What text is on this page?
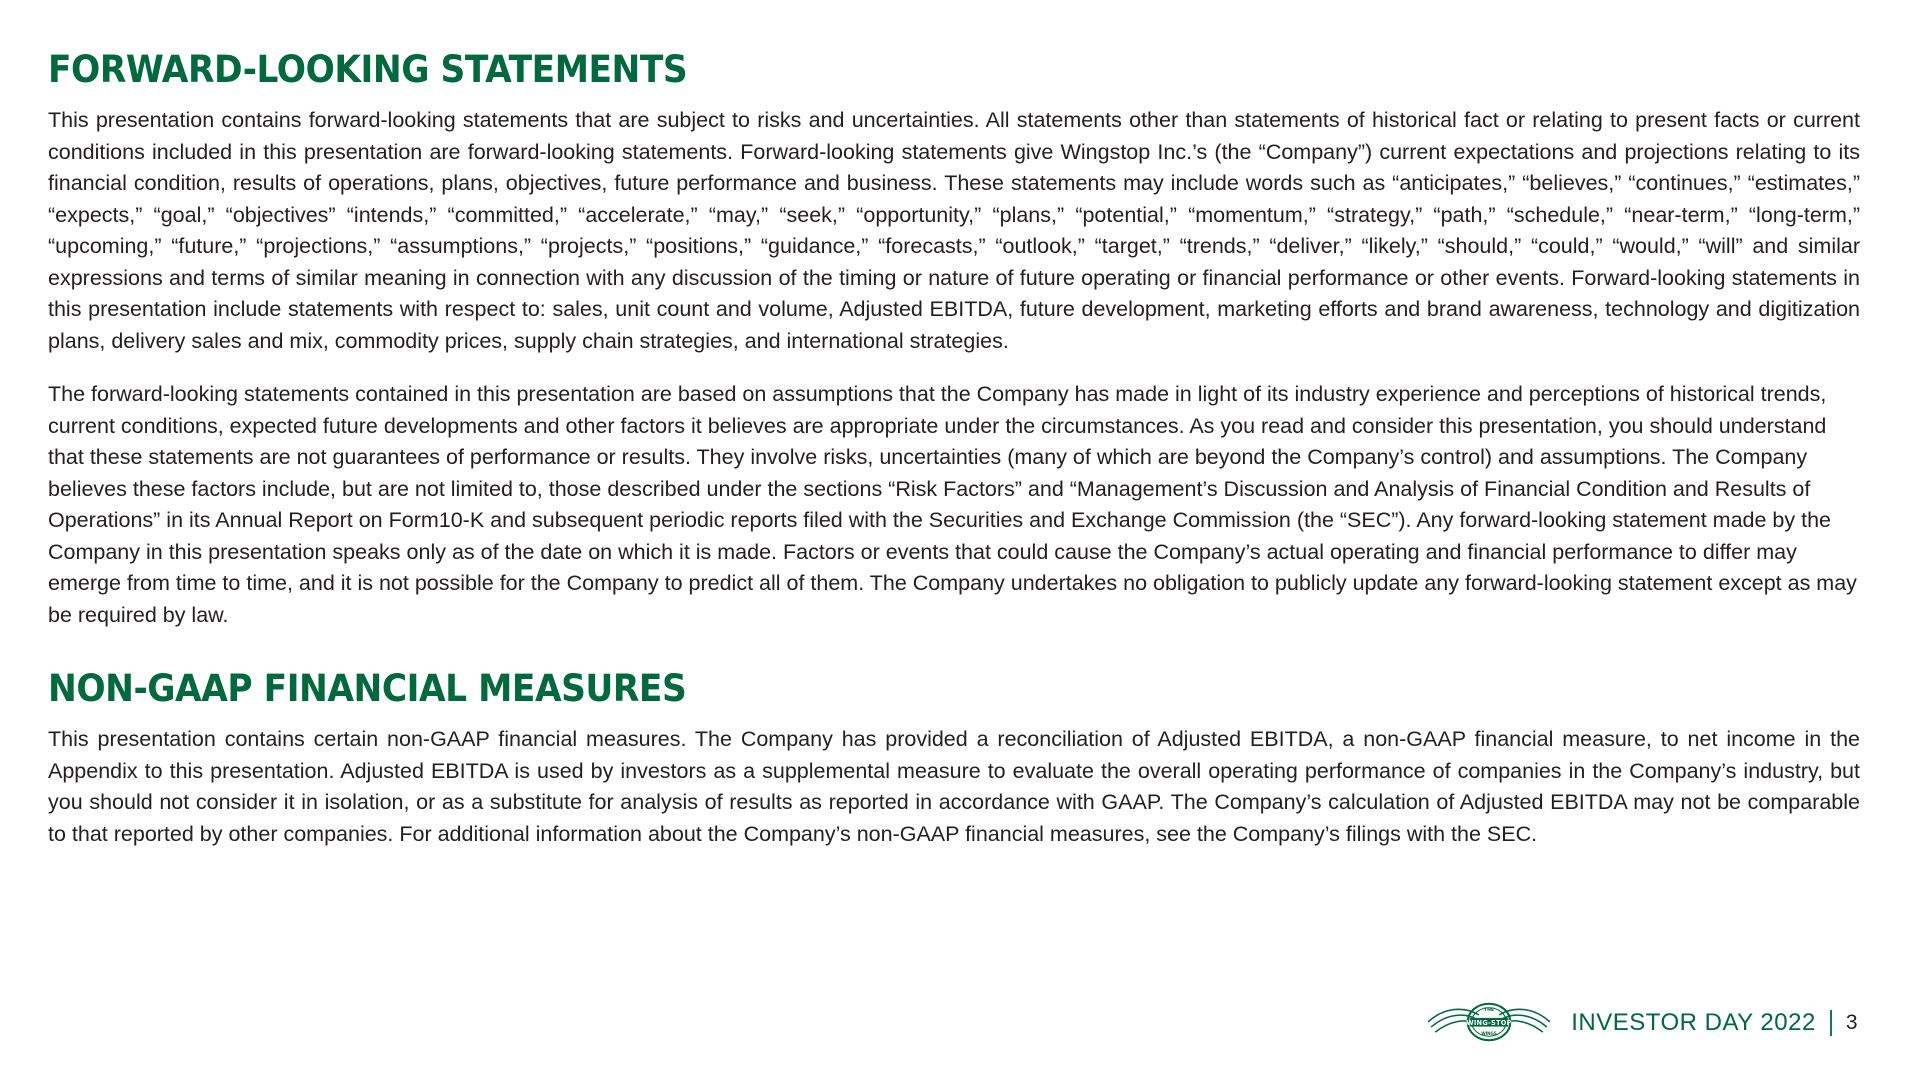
FORWARD-LOOKING STATEMENTS

This presentation contains forward-looking statements that are subject to risks and uncertainties. All statements other than statements of historical fact or relating to present facts or current conditions included in this presentation are forward-looking statements. Forward-looking statements give Wingstop Inc.’s (the “Company”) current expectations and projections relating to its financial condition, results of operations, plans, objectives, future performance and business. These statements may include words such as “anticipates,” “believes,” “continues,” “estimates,” “expects,” “goal,” “objectives” “intends,” “committed,” “accelerate,” “may,” “seek,” “opportunity,” “plans,” “potential,” “momentum,” “strategy,” “path,” “schedule,” “near-term,” “long-term,” “upcoming,” “future,” “projections,” “assumptions,” “projects,” “positions,” “guidance,” “forecasts,” “outlook,” “target,” “trends,” “deliver,” “likely,” “should,” “could,” “would,” “will” and similar expressions and terms of similar meaning in connection with any discussion of the timing or nature of future operating or financial performance or other events. Forward-looking statements in this presentation include statements with respect to: sales, unit count and volume, Adjusted EBITDA, future development, marketing efforts and brand awareness, technology and digitization plans, delivery sales and mix, commodity prices, supply chain strategies, and international strategies.

The forward-looking statements contained in this presentation are based on assumptions that the Company has made in light of its industry experience and perceptions of historical trends, current conditions, expected future developments and other factors it believes are appropriate under the circumstances. As you read and consider this presentation, you should understand that these statements are not guarantees of performance or results. They involve risks, uncertainties (many of which are beyond the Company’s control) and assumptions. The Company believes these factors include, but are not limited to, those described under the sections “Risk Factors” and “Management’s Discussion and Analysis of Financial Condition and Results of Operations” in its Annual Report on Form10-K and subsequent periodic reports filed with the Securities and Exchange Commission (the “SEC”). Any forward-looking statement made by the Company in this presentation speaks only as of the date on which it is made. Factors or events that could cause the Company’s actual operating and financial performance to differ may emerge from time to time, and it is not possible for the Company to predict all of them. The Company undertakes no obligation to publicly update any forward-looking statement except as may be required by law.

NON-GAAP FINANCIAL MEASURES

This presentation contains certain non-GAAP financial measures. The Company has provided a reconciliation of Adjusted EBITDA, a non-GAAP financial measure, to net income in the Appendix to this presentation. Adjusted EBITDA is used by investors as a supplemental measure to evaluate the overall operating performance of companies in the Company’s industry, but you should not consider it in isolation, or as a substitute for analysis of results as reported in accordance with GAAP. The Company’s calculation of Adjusted EBITDA may not be comparable to that reported by other companies. For additional information about the Company’s non-GAAP financial measures, see the Company’s filings with the SEC.

WING-STOP
THE
WINGS	INVESTOR DAY 2022 3
